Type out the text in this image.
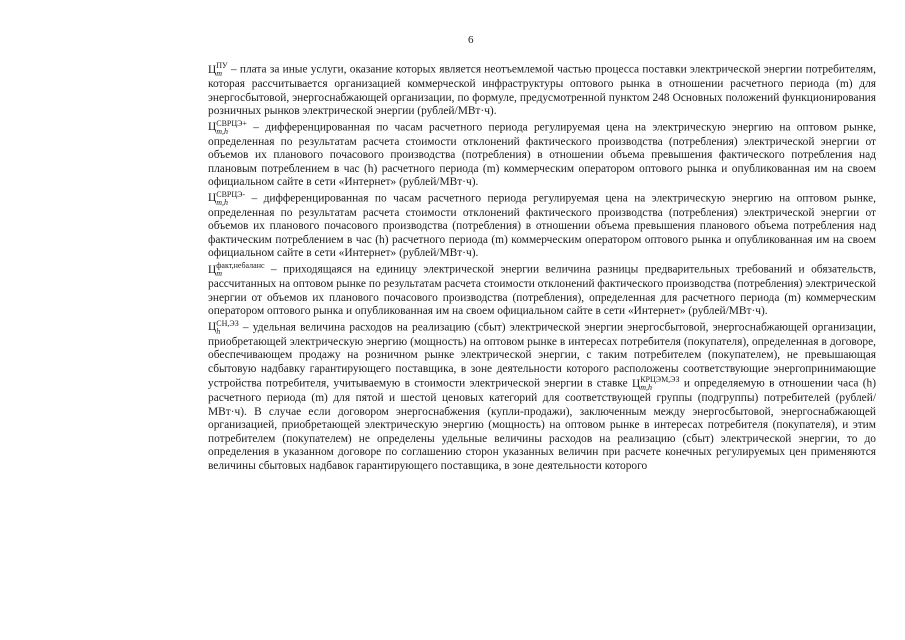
6

Ц ПУ
m – плата за иные услуги, оказание которых является неотъемлемой частью процесса поставки электрической энергии потребителям, которая рассчитывается организацией коммерческой инфраструктуры оптового рынка в отношении расчетного периода (m) для энергосбытовой, энергоснабжающей организации, по формуле, предусмотренной пунктом 248 Основных положений функционирования розничных рынков электрической энергии (рублей/МВт·ч).

Ц СВРЦЭ+
m,h	– дифференцированная по часам расчетного периода регулируемая цена на электрическую энергию на оптовом рынке, определенная по результатам расчета стоимости отклонений фактического производства (потребления) электрической энергии от объемов их планового почасового производства (потребления) в отношении объема превышения фактического потребления над плановым потреблением в час (h) расчетного периода (m) коммерческим оператором оптового рынка и опубликованная им на своем официальном сайте в сети «Интернет» (рублей/МВт·ч).

Ц СВРЦЭ-
m,h	– дифференцированная по часам расчетного периода регулируемая цена на электрическую энергию на оптовом рынке, определенная по результатам расчета стоимости отклонений фактического производства (потребления) электрической энергии от объемов их планового почасового производства (потребления) в отношении объема превышения планового объема потребления над фактическим потреблением в час (h) расчетного периода (m) коммерческим оператором оптового рынка и опубликованная им на своем официальном сайте в сети «Интернет» (рублей/МВт·ч).

Ц факт,небаланс
m	– приходящаяся на единицу электрической энергии величина разницы предварительных требований и обязательств, рассчитанных на оптовом рынке по результатам расчета стоимости отклонений фактического производства (потребления) электрической энергии от объемов их планового почасового производства (потребления), определенная для расчетного периода (m) коммерческим оператором оптового рынка и опубликованная им на своем официальном сайте в сети «Интернет» (рублей/МВт·ч).

Ц СН,ЭЗ
h	– удельная величина расходов на реализацию (сбыт) электрической энергии энергосбытовой, энергоснабжающей организации, приобретающей электрическую энергию (мощность) на оптовом рынке в интересах потребителя (покупателя), определенная в договоре, обеспечивающем продажу на розничном рынке электрической энергии, с таким потребителем (покупателем), не превышающая сбытовую надбавку гарантирующего поставщика, в зоне деятельности которого расположены соответствующие энергопринимающие устройства потребителя, учитываемую в стоимости электрической энергии в ставке Ц КРЦЭМ,ЭЗ
m,h	и определяемую в отношении часа (h) расчетного периода (m) для пятой и шестой ценовых категорий для соответствующей группы (подгруппы) потребителей (рублей/МВт·ч). В случае если договором энергоснабжения (купли-продажи), заключенным между энергосбытовой, энергоснабжающей организацией, приобретающей электрическую энергию (мощность) на оптовом рынке в интересах потребителя (покупателя), и этим потребителем (покупателем) не определены удельные величины расходов на реализацию (сбыт) электрической энергии, то до определения в указанном договоре по соглашению сторон указанных величин при расчете конечных регулируемых цен применяются величины сбытовых надбавок гарантирующего поставщика, в зоне деятельности которого
